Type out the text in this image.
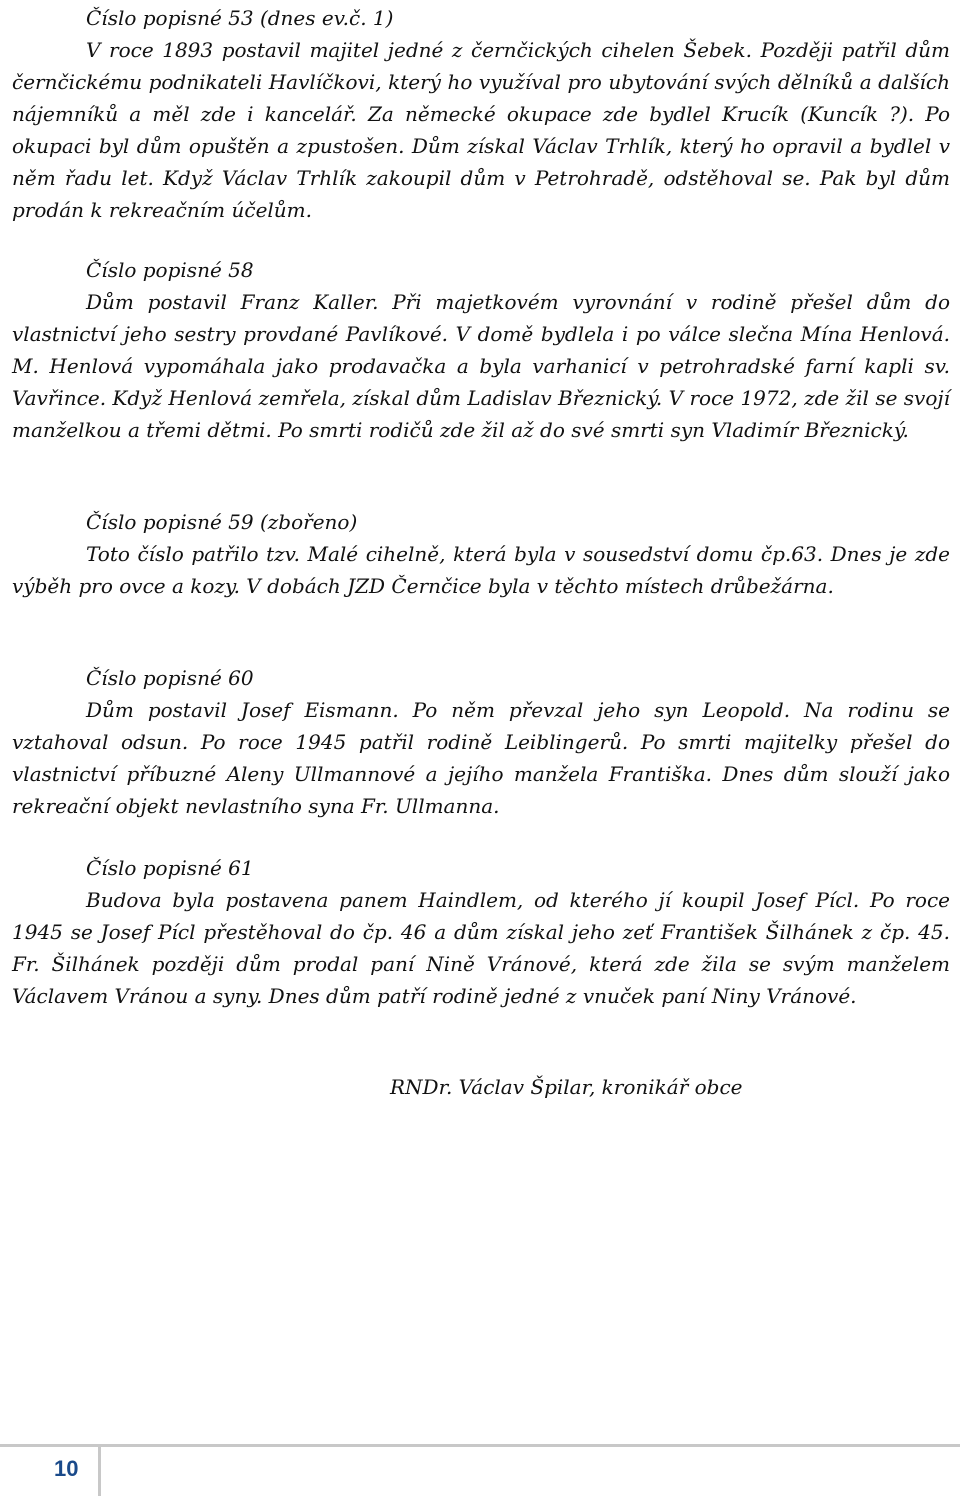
Číslo popisné 53 (dnes ev.č. 1)

V roce 1893 postavil majitel jedné z černčických cihelen Šebek. Později patřil dům černčickému podnikateli Havlíčkovi, který ho využíval pro ubytování svých dělníků a dalších nájemníků a měl zde i kancelář. Za německé okupace zde bydlel Krucík (Kuncík ?). Po okupaci byl dům opuštěn a zpustošen. Dům získal Václav Trhlík, který ho opravil a bydlel v něm řadu let. Když Václav Trhlík zakoupil dům v Petrohradě, odstěhoval se. Pak byl dům prodán k rekreačním účelům.

Číslo popisné 58

Dům postavil Franz Kaller. Při majetkovém vyrovnání v rodině přešel dům do vlastnictví jeho sestry provdané Pavlíkové. V domě bydlela i po válce slečna Mína Henlová. M. Henlová vypomáhala jako prodavačka a byla varhanicí v petrohradské farní kapli sv. Vavřince. Když Henlová zemřela, získal dům Ladislav Březnický. V roce 1972, zde žil se svojí manželkou a třemi dětmi. Po smrti rodičů zde žil až do své smrti syn Vladimír Březnický.

Číslo popisné 59 (zbořeno)

Toto číslo patřilo tzv. Malé cihelně, která byla v sousedství domu čp.63. Dnes je zde výběh pro ovce a kozy. V dobách JZD Černčice byla v těchto místech drůbežárna.

Číslo popisné 60

Dům postavil Josef Eismann. Po něm převzal jeho syn Leopold. Na rodinu se vztahoval odsun. Po roce 1945 patřil rodině Leiblingerů. Po smrti majitelky přešel do vlastnictví příbuzné Aleny Ullmannové a jejího manžela Františka. Dnes dům slouží jako rekreační objekt nevlastního syna Fr. Ullmanna.

Číslo popisné 61

Budova byla postavena panem Haindlem, od kterého jí koupil Josef Pícl. Po roce 1945 se Josef Pícl přestěhoval do čp. 46 a dům získal jeho zeť František Šilhánek z čp. 45. Fr. Šilhánek později dům prodal paní Nině Vránové, která zde žila se svým manželem Václavem Vránou a syny. Dnes dům patří rodině jedné z vnuček paní Niny Vránové.

RNDr. Václav Špilar, kronikář obce

10
